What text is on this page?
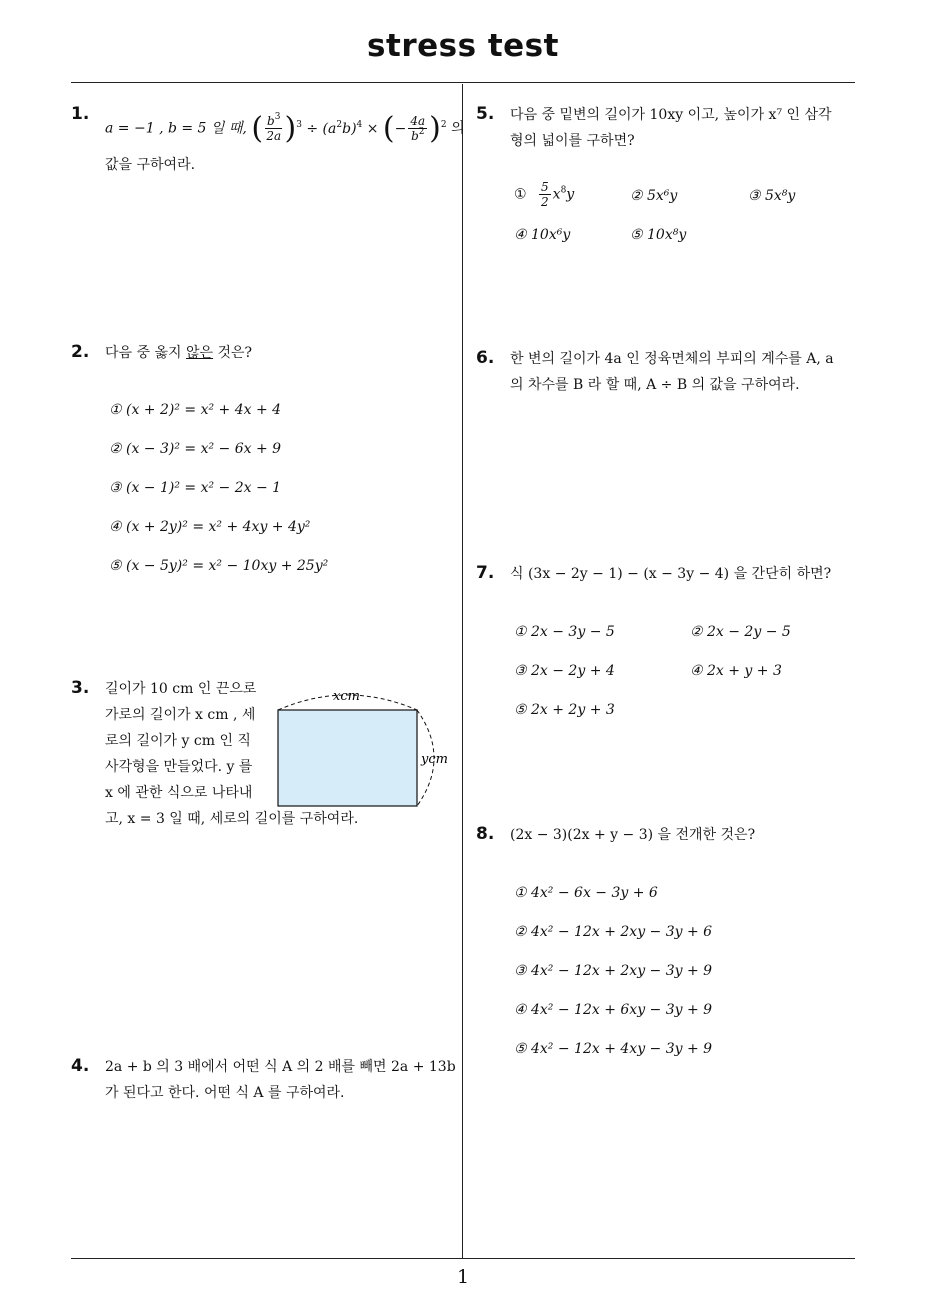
stress test
1
1.
a = −1 , b = 5 일 때, ( $\frac{b^3}{2a} )^3 \div (a^2b)^4$ × (− $\frac{4a}{b^2} )^2$ 의
값을 구하여라.
2. 다음 중 옳지 않은 것은?
① (x + 2)² = x² + 4x + 4
② (x − 3)² = x² − 6x + 9
③ (x − 1)² = x² − 2x − 1
④ (x + 2y)² = x² + 4xy + 4y²
⑤ (x − 5y)² = x² − 10xy + 25y²
3. 길이가 10 cm 인 끈으로
가로의 길이가 x cm , 세
로의 길이가 y cm 인 직
사각형을 만들었다. y 를
x 에 관한 식으로 나타내
고, x = 3 일 때, 세로의 길이를 구하여라.
xcm
ycm
4. 2a + b 의 3 배에서 어떤 식 A 의 2 배를 빼면 2a + 13b
가 된다고 한다. 어떤 식 A 를 구하여라.
5. 다음 중 밑변의 길이가 10xy 이고, 높이가 x⁷ 인 삼각
형의 넓이를 구하면?
① $\frac{5}{2} x^8y$	② 5x⁶y	③ 5x⁸y
④ 10x⁶y	⑤ 10x⁸y
6. 한 변의 길이가 4a 인 정육면체의 부피의 계수를 A, a
의 차수를 B 라 할 때, A ÷ B 의 값을 구하여라.
7. 식 (3x − 2y − 1) − (x − 3y − 4) 을 간단히 하면?
① 2x − 3y − 5	② 2x − 2y − 5
③ 2x − 2y + 4	④ 2x + y + 3
⑤ 2x + 2y + 3
8. (2x − 3)(2x + y − 3) 을 전개한 것은?
① 4x² − 6x − 3y + 6
② 4x² − 12x + 2xy − 3y + 6
③ 4x² − 12x + 2xy − 3y + 9
④ 4x² − 12x + 6xy − 3y + 9
⑤ 4x² − 12x + 4xy − 3y + 9
